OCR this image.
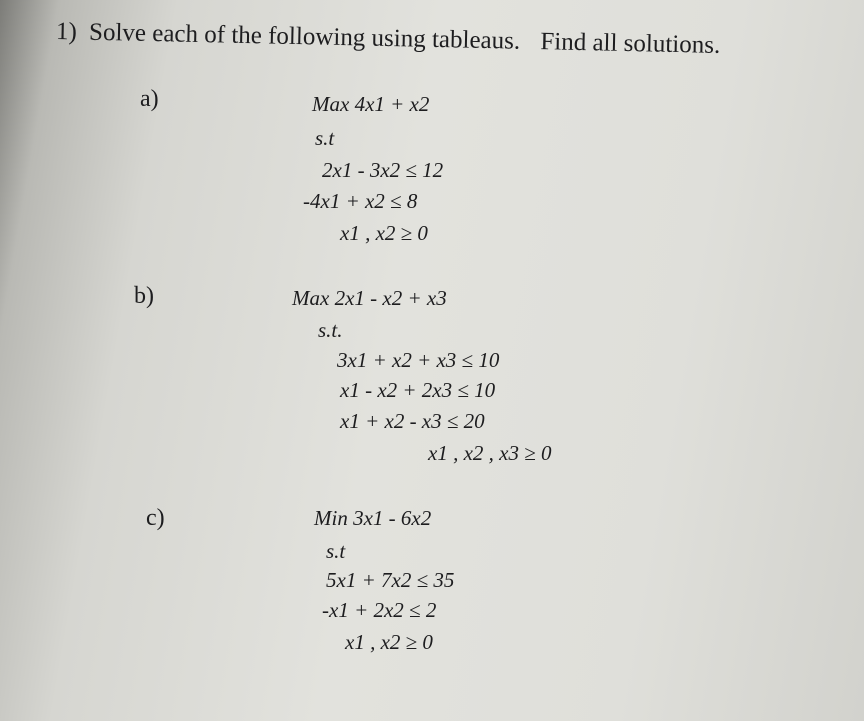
1) Solve each of the following using tableaus. Find all solutions.
a)	Max 4x1 + x2
s.t
2x1 - 3x2 ≤ 12
-4x1 + x2 ≤ 8
x1 , x2 ≥ 0
b)	Max 2x1 - x2 + x3
s.t.
3x1 + x2 + x3 ≤ 10
x1 - x2 + 2x3 ≤ 10
x1 + x2 - x3 ≤ 20
x1 , x2 , x3 ≥ 0
c)	Min 3x1 - 6x2
s.t
5x1 + 7x2 ≤ 35
-x1 + 2x2 ≤ 2
x1 , x2 ≥ 0
